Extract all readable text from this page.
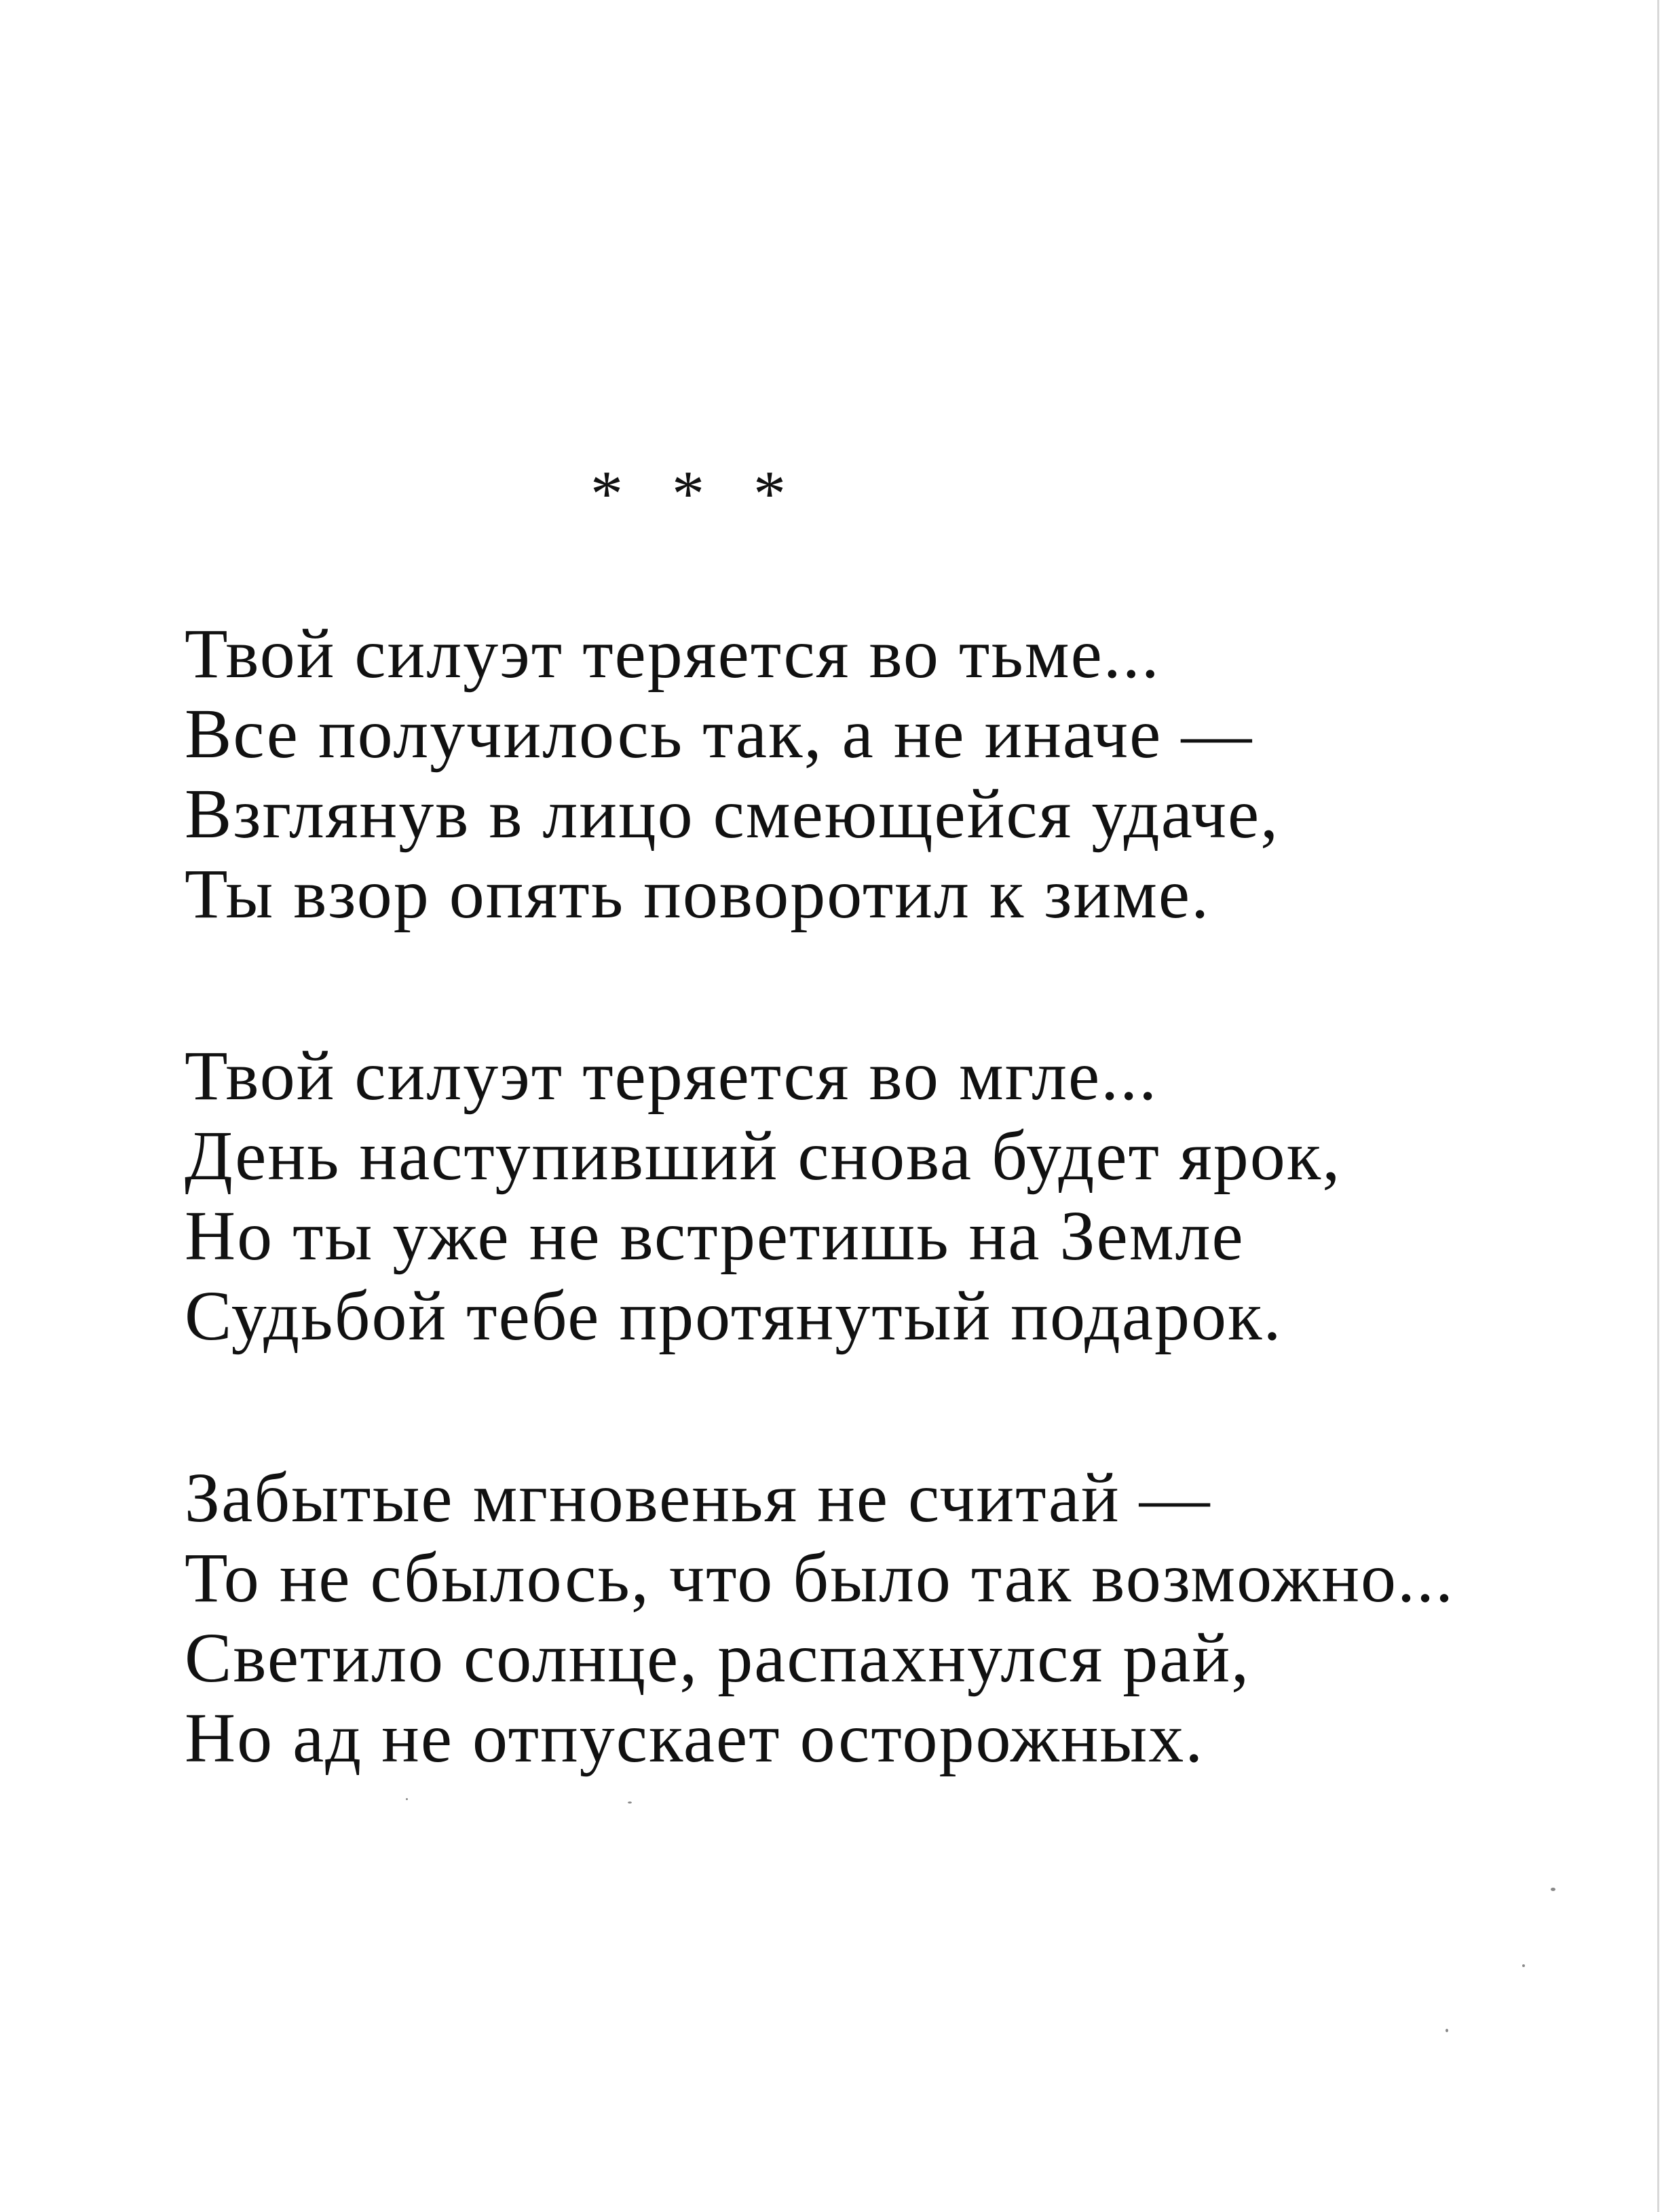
*   *   *
Твой силуэт теряется во тьме...
Все получилось так, а не иначе —
Взглянув в лицо смеющейся удаче,
Ты взор опять поворотил к зиме.
Твой силуэт теряется во мгле...
День наступивший снова будет ярок,
Но ты уже не встретишь на Земле
Судьбой тебе протянутый подарок.
Забытые мгновенья не считай —
То не сбылось, что было так возможно...
Светило солнце, распахнулся рай,
Но ад не отпускает осторожных.
